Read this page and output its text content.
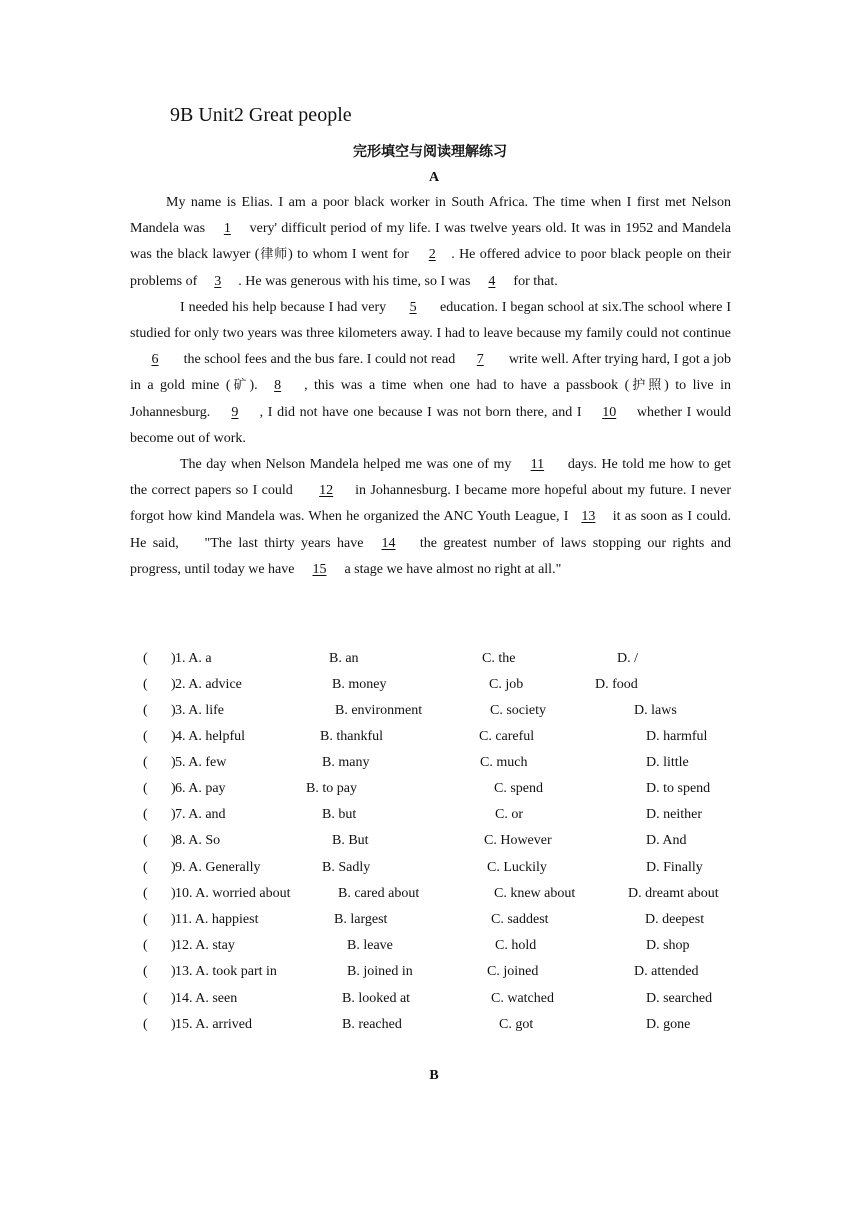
9B Unit2 Great people
完形填空与阅读理解练习
A

My name is Elias. I am a poor black worker in South Africa. The time when I first met Nelson Mandela was 1 very' difficult period of my life. I was twelve years old. It was in 1952 and Mandela was the black lawyer (律师) to whom I went for 2 . He offered advice to poor black people on their problems of 3 . He was generous with his time, so I was 4 for that.

I needed his help because I had very 5 education. I began school at six.The school where I studied for only two years was three kilometers away. I had to leave because my family could not continue6 the school fees and the bus fare. I could not read 7 write well. After trying hard, I got a job in a gold mine (矿). 8 , this was a time when one had to have a passbook (护照) to live in Johannesburg. 9 , I did not have one because I was not born there, and I 10 whether I would become out of work.

The day when Nelson Mandela helped me was one of my 11 days. He told me how to get the correct papers so I could 12 in Johannesburg. I became more hopeful about my future. I never forgot how kind Mandela was. When he organized the ANC Youth League, I 13 it as soon as I could. He said,    "The last thirty years have 14 the greatest number of laws stopping our rights and progress, until today we have 15 a stage we have almost no right at all."

( ) 1. A. a	B. an	C. the	D. /
( ) 2. A. advice	B. money	C. job	D. food
( ) 3. A. life	B. environment	C. society	D. laws
( ) 4. A. helpful	B. thankful	C. careful	D. harmful
( ) 5. A. few	B. many	C. much	D. little
( ) 6. A. pay	B. to pay	C. spend	D. to spend
( ) 7. A. and	B. but	C. or	D. neither
( ) 8. A. So	B. But	C. However	D. And
( ) 9. A. Generally	B. Sadly	C. Luckily	D. Finally
( ) 10. A. worried about	B. cared about	C. knew about	D. dreamt about
( ) 11. A. happiest	B. largest	C. saddest	D. deepest
( ) 12. A. stay	B. leave	C. hold	D. shop
( ) 13. A. took part in	B. joined in	C. joined	D. attended
( ) 14. A. seen	B. looked at	C. watched	D. searched
( ) 15. A. arrived	B. reached	C. got	D. gone
B
